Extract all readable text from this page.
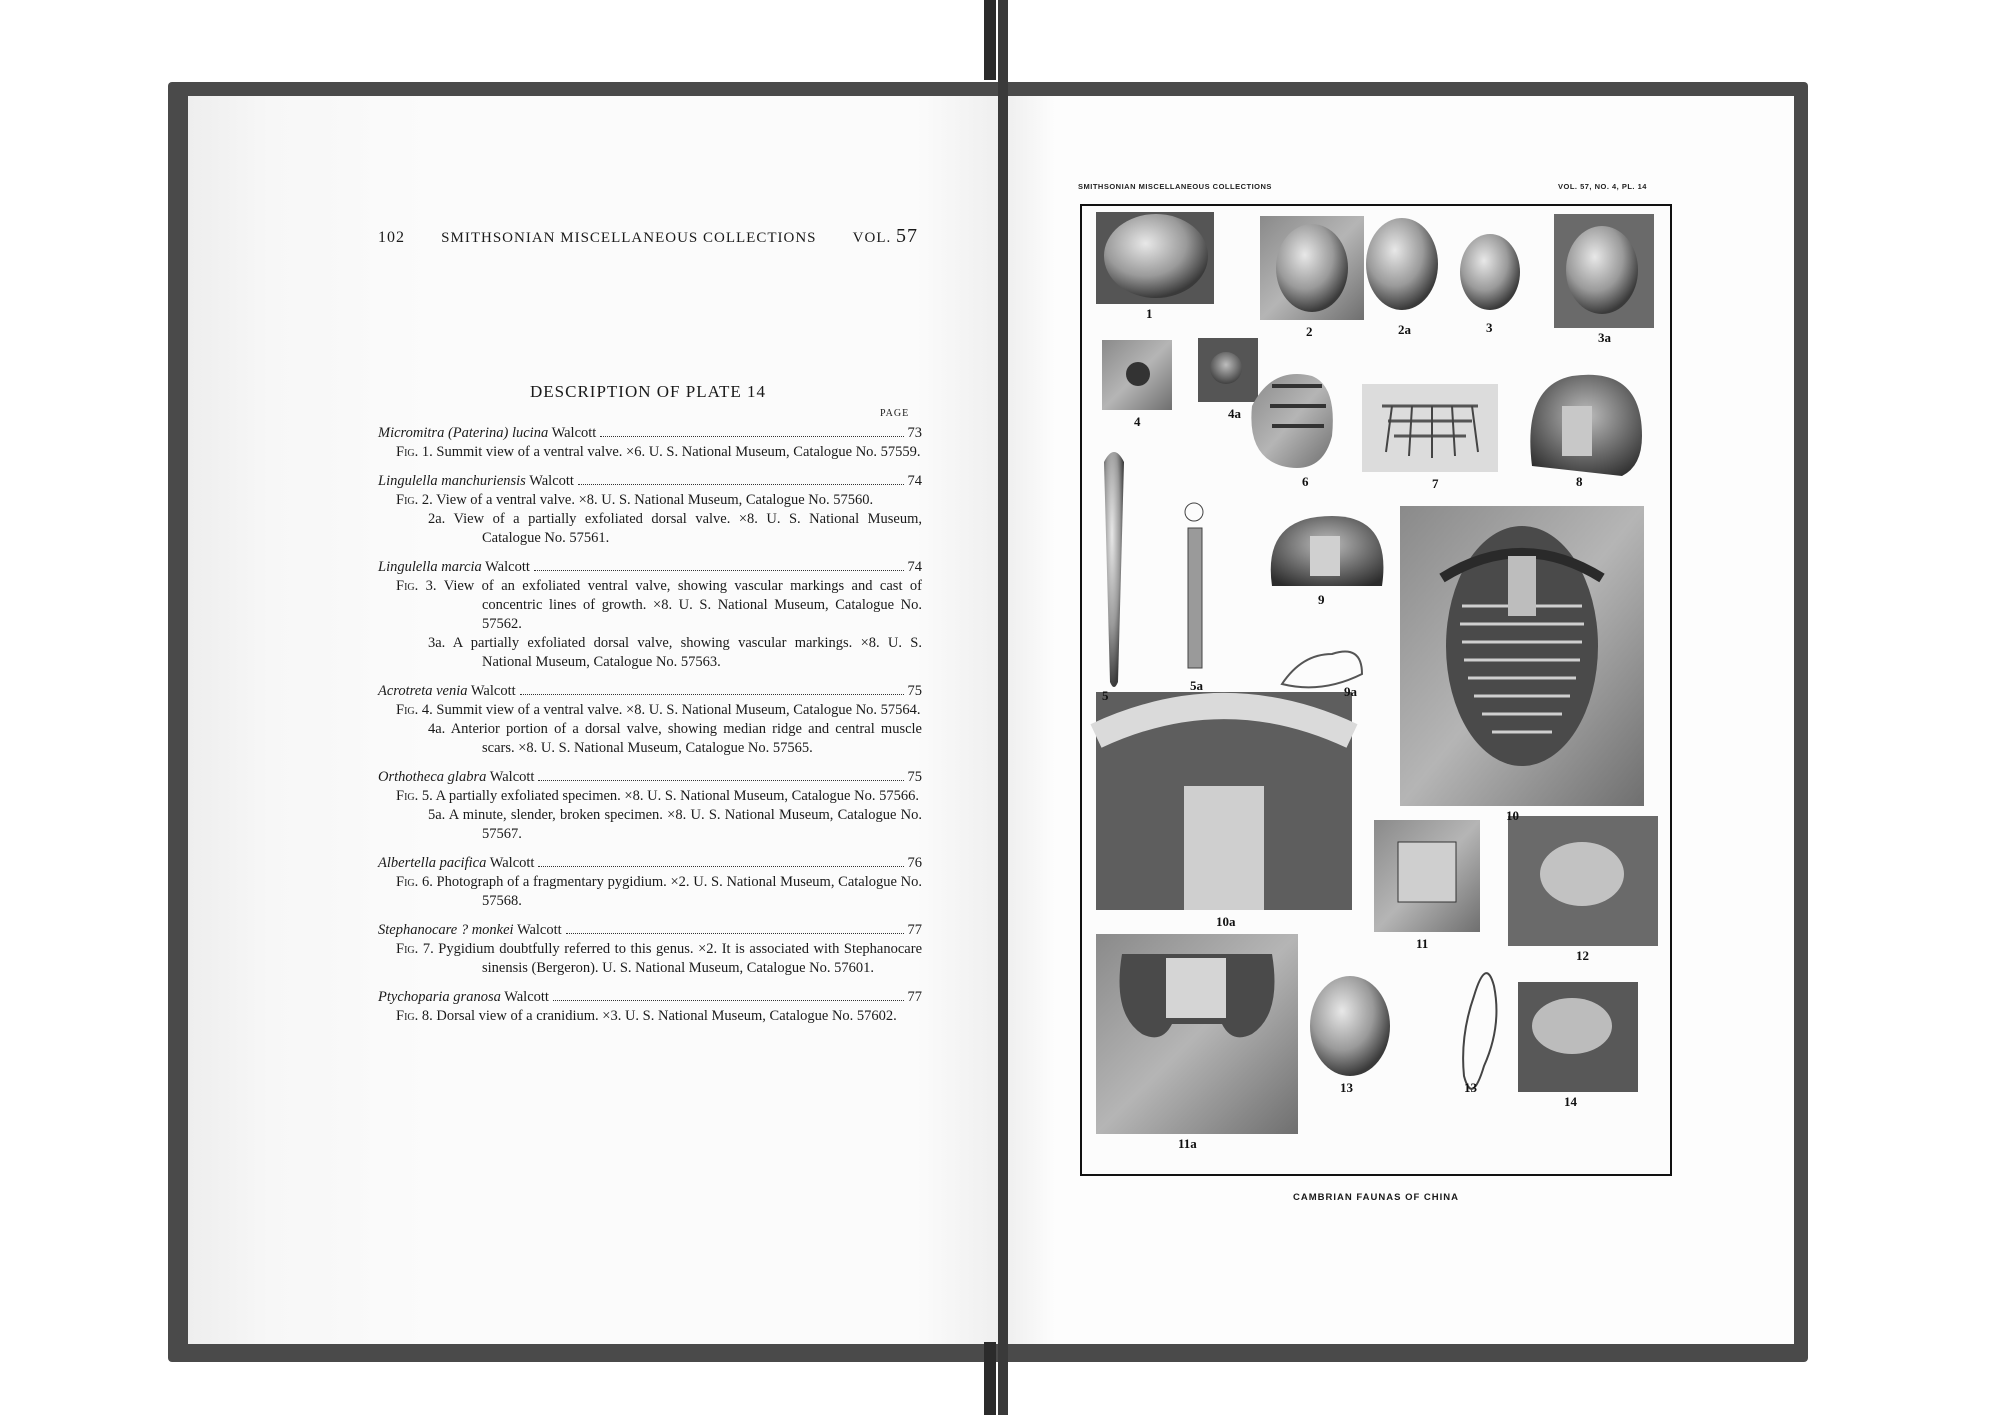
102 SMITHSONIAN MISCELLANEOUS COLLECTIONS VOL. 57
DESCRIPTION OF PLATE 14
PAGE
Micromitra (Paterina) lucina Walcott	73
Fig. 1. Summit view of a ventral valve. ×6. U. S. National Museum, Catalogue No. 57559.
Lingulella manchuriensis Walcott	74
Fig. 2. View of a ventral valve. ×8. U. S. National Museum, Catalogue No. 57560.
2a. View of a partially exfoliated dorsal valve. ×8. U. S. National Museum, Catalogue No. 57561.
Lingulella marcia Walcott	74
Fig. 3. View of an exfoliated ventral valve, showing vascular markings and cast of concentric lines of growth. ×8. U. S. National Museum, Catalogue No. 57562.
3a. A partially exfoliated dorsal valve, showing vascular markings. ×8. U. S. National Museum, Catalogue No. 57563.
Acrotreta venia Walcott	75
Fig. 4. Summit view of a ventral valve. ×8. U. S. National Museum, Catalogue No. 57564.
4a. Anterior portion of a dorsal valve, showing median ridge and central muscle scars. ×8. U. S. National Museum, Catalogue No. 57565.
Orthotheca glabra Walcott	75
Fig. 5. A partially exfoliated specimen. ×8. U. S. National Museum, Catalogue No. 57566.
5a. A minute, slender, broken specimen. ×8. U. S. National Museum, Catalogue No. 57567.
Albertella pacifica Walcott	76
Fig. 6. Photograph of a fragmentary pygidium. ×2. U. S. National Museum, Catalogue No. 57568.
Stephanocare ? monkei Walcott	77
Fig. 7. Pygidium doubtfully referred to this genus. ×2. It is associated with Stephanocare sinensis (Bergeron). U. S. National Museum, Catalogue No. 57601.
Ptychoparia granosa Walcott	77
Fig. 8. Dorsal view of a cranidium. ×3. U. S. National Museum, Catalogue No. 57602.
SMITHSONIAN MISCELLANEOUS COLLECTIONS	VOL. 57, NO. 4, PL. 14
1
2	2a	3
3a
4
4a
5
5a
6	7	8
9
9a
10
10a
11
11a
12
13	13
14
CAMBRIAN FAUNAS OF CHINA
